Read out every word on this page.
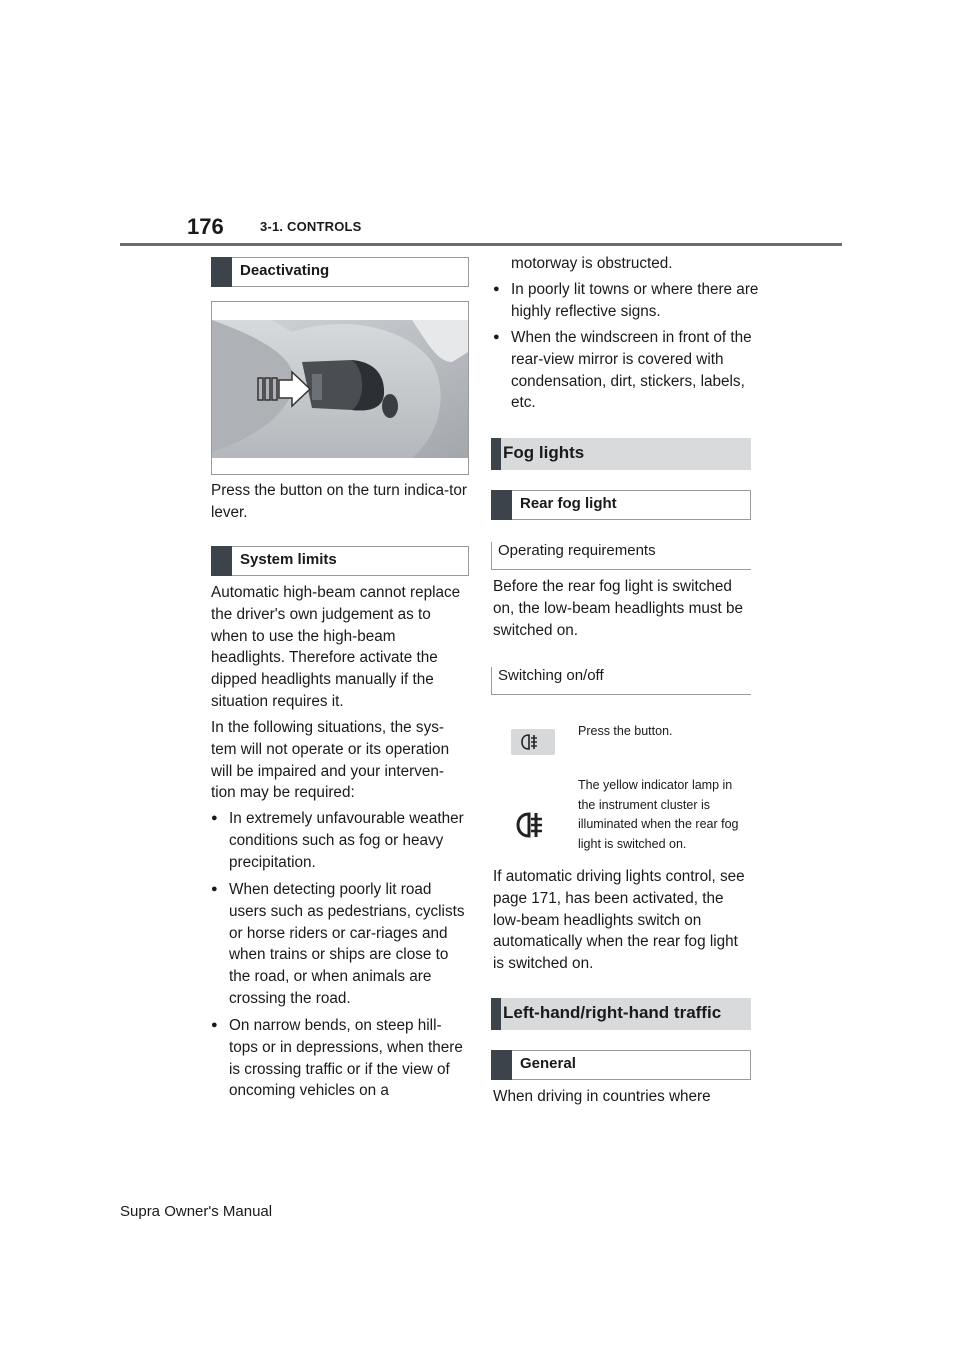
176	3-1. CONTROLS
Deactivating
Press the button on the turn indica-tor lever.
System limits
Automatic high-beam cannot replace the driver's own judgement as to when to use the high-beam headlights. Therefore activate the dipped headlights manually if the situation requires it.
In the following situations, the sys-tem will not operate or its operation will be impaired and your interven-tion may be required:
● In extremely unfavourable weather conditions such as fog or heavy precipitation.
● When detecting poorly lit road users such as pedestrians, cyclists or horse riders or car-riages and when trains or ships are close to the road, or when animals are crossing the road.
● On narrow bends, on steep hill-tops or in depressions, when there is crossing traffic or if the view of oncoming vehicles on a
motorway is obstructed.
● In poorly lit towns or where there are highly reflective signs.
● When the windscreen in front of the rear-view mirror is covered with condensation, dirt, stickers, labels, etc.
Fog lights
Rear fog light
Operating requirements
Before the rear fog light is switched on, the low-beam headlights must be switched on.
Switching on/off
Press the button.
The yellow indicator lamp in the instrument cluster is illuminated when the rear fog light is switched on.
If automatic driving lights control, see page 171, has been activated, the low-beam headlights switch on automatically when the rear fog light is switched on.
Left-hand/right-hand traffic
General
When driving in countries where
Supra Owner's Manual
